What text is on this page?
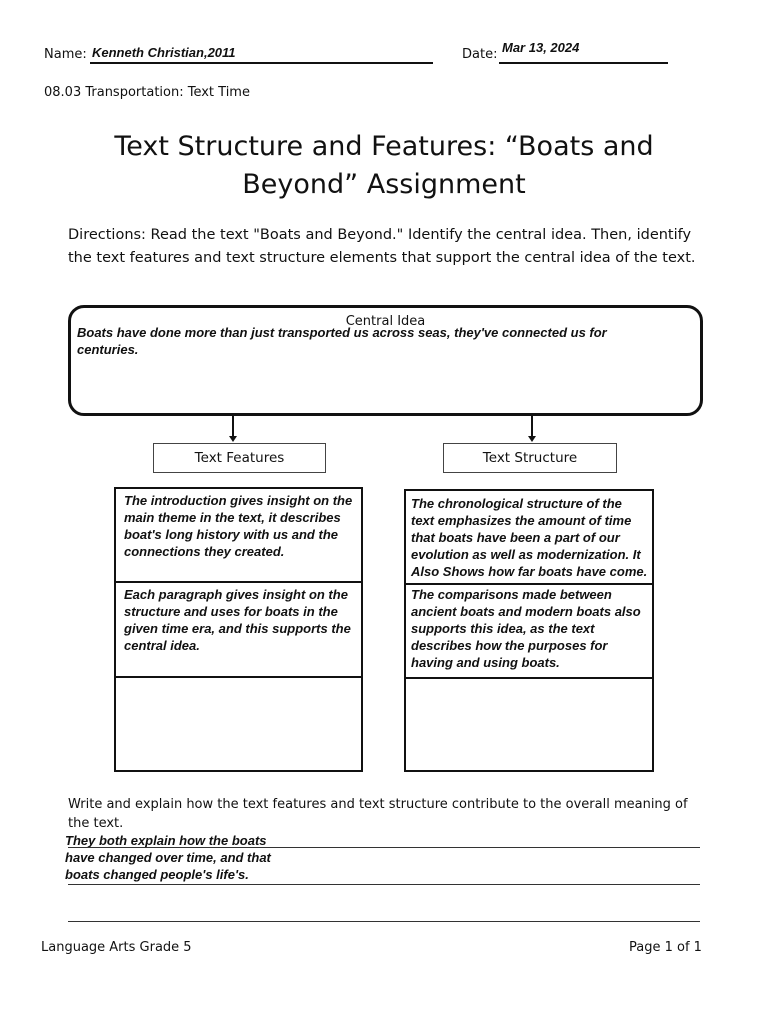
Name: Kenneth Christian,2011	Date: Mar 13, 2024
08.03 Transportation: Text Time
Text Structure and Features: “Boats and
Beyond” Assignment
Directions: Read the text "Boats and Beyond." Identify the central idea. Then, identify the text features and text structure elements that support the central idea of the text.
Central Idea
Boats have done more than just transported us across seas, they've connected us for centuries.
Text Features	Text Structure
The introduction gives insight on the main theme in the text, it describes boat's long history with us and the connections they created.
Each paragraph gives insight on the structure and uses for boats in the given time era, and this supports the central idea.
The chronological structure of the text emphasizes the amount of time that boats have been a part of our evolution as well as modernization. It Also Shows how far boats have come.
The comparisons made between ancient boats and modern boats also supports this idea, as the text describes how the purposes for having and using boats.
Write and explain how the text features and text structure contribute to the overall meaning of the text.
They both explain how the boats
have changed over time, and that
boats changed people's life's.
Language Arts Grade 5	Page 1 of 1
